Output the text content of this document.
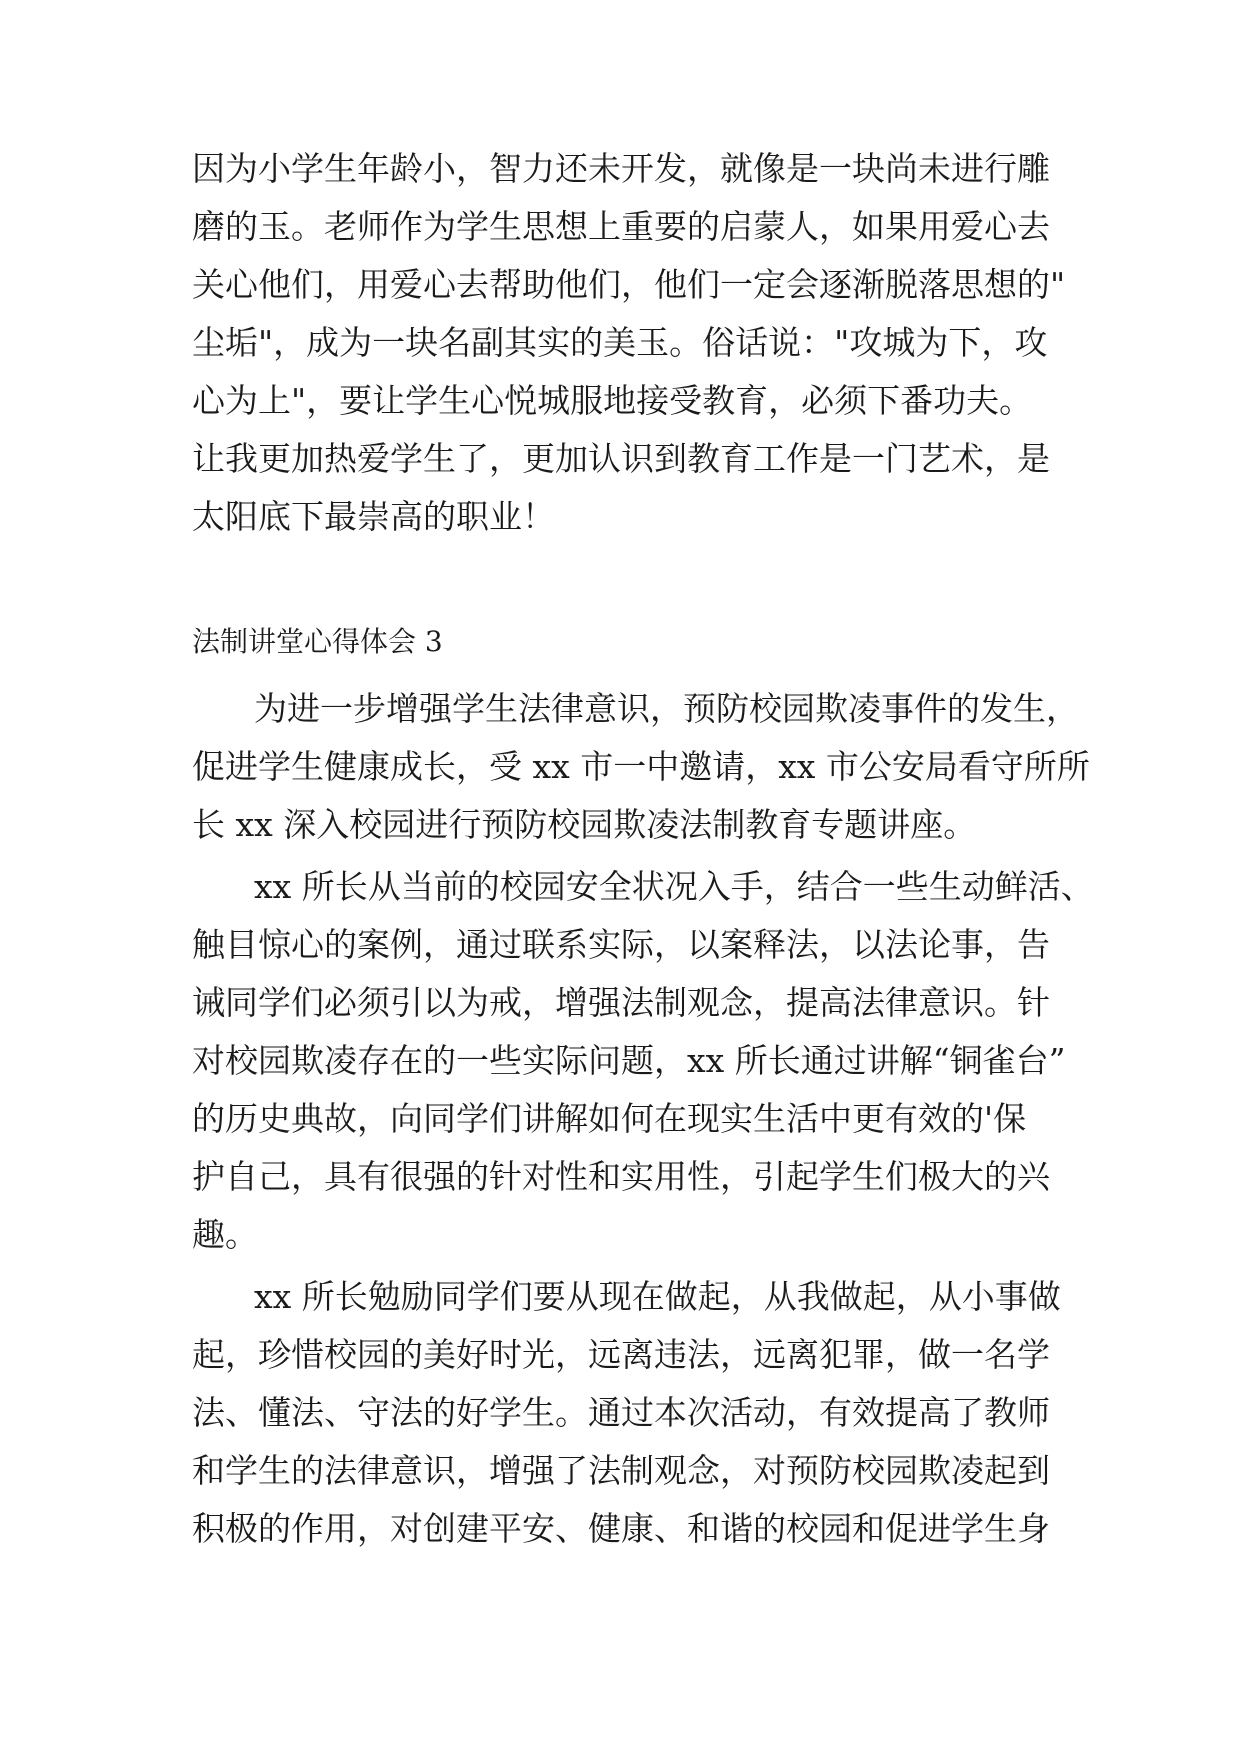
因为小学生年龄小，智力还未开发，就像是一块尚未进行雕
磨的玉。老师作为学生思想上重要的启蒙人，如果用爱心去
关心他们，用爱心去帮助他们，他们一定会逐渐脱落思想的"
尘垢"，成为一块名副其实的美玉。俗话说："攻城为下，攻
心为上"，要让学生心悦城服地接受教育，必须下番功夫。
让我更加热爱学生了，更加认识到教育工作是一门艺术，是
太阳底下最崇高的职业！
法制讲堂心得体会 3
为进一步增强学生法律意识，预防校园欺凌事件的发生，
促进学生健康成长，受 xx 市一中邀请，xx 市公安局看守所所
长 xx 深入校园进行预防校园欺凌法制教育专题讲座。
xx 所长从当前的校园安全状况入手，结合一些生动鲜活、
触目惊心的案例，通过联系实际，以案释法，以法论事，告
诫同学们必须引以为戒，增强法制观念，提高法律意识。针
对校园欺凌存在的一些实际问题，xx 所长通过讲解“铜雀台”
的历史典故，向同学们讲解如何在现实生活中更有效的'保
护自己，具有很强的针对性和实用性，引起学生们极大的兴
趣。
xx 所长勉励同学们要从现在做起，从我做起，从小事做
起，珍惜校园的美好时光，远离违法，远离犯罪，做一名学
法、懂法、守法的好学生。通过本次活动，有效提高了教师
和学生的法律意识，增强了法制观念，对预防校园欺凌起到
积极的作用，对创建平安、健康、和谐的校园和促进学生身
